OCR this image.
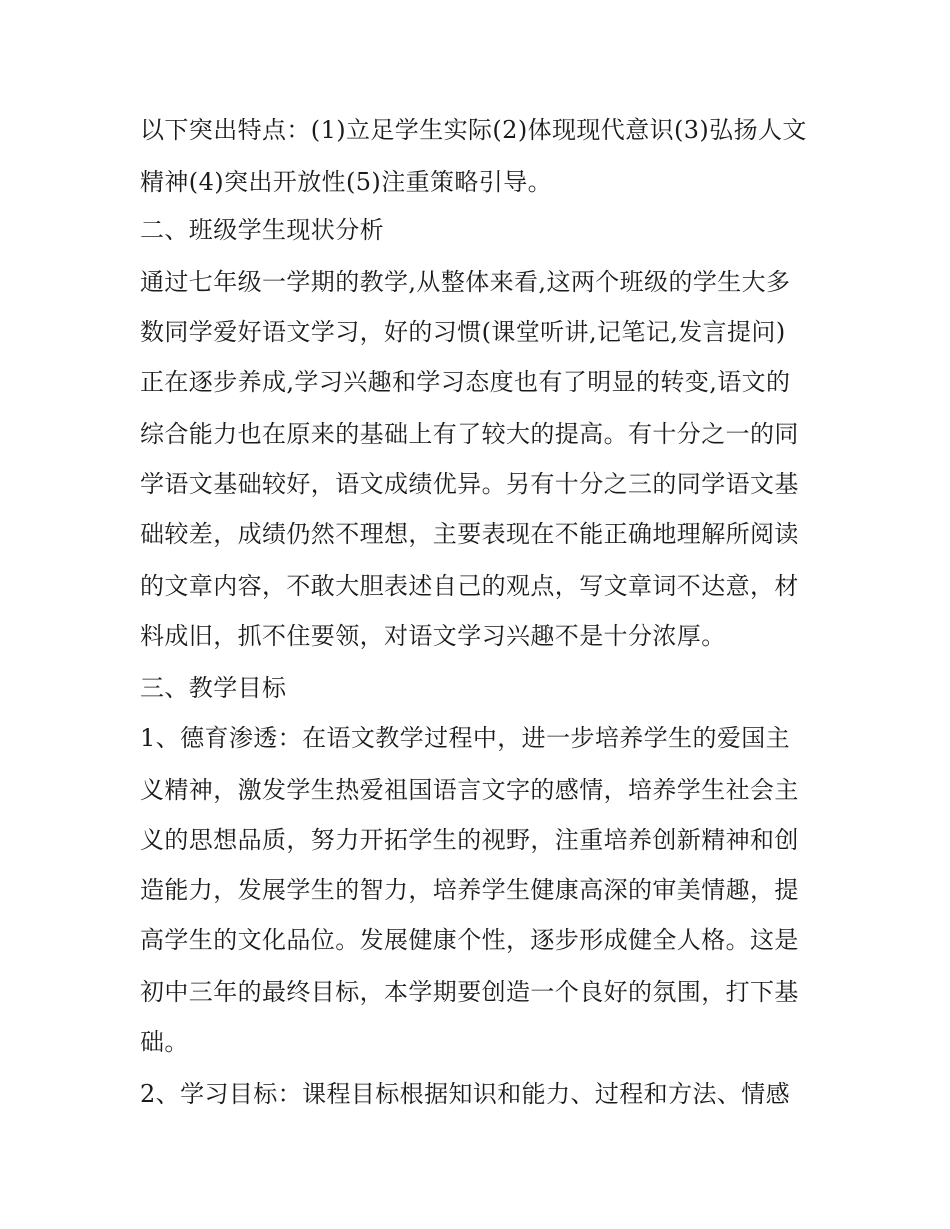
以下突出特点：(1)立足学生实际(2)体现现代意识(3)弘扬人文
精神(4)突出开放性(5)注重策略引导。
二、班级学生现状分析
通过七年级一学期的教学,从整体来看,这两个班级的学生大多
数同学爱好语文学习，好的习惯(课堂听讲,记笔记,发言提问)
正在逐步养成,学习兴趣和学习态度也有了明显的转变,语文的
综合能力也在原来的基础上有了较大的提高。有十分之一的同
学语文基础较好，语文成绩优异。另有十分之三的同学语文基
础较差，成绩仍然不理想，主要表现在不能正确地理解所阅读
的文章内容，不敢大胆表述自己的观点，写文章词不达意，材
料成旧，抓不住要领，对语文学习兴趣不是十分浓厚。
三、教学目标
1、德育渗透：在语文教学过程中，进一步培养学生的爱国主
义精神，激发学生热爱祖国语言文字的感情，培养学生社会主
义的思想品质，努力开拓学生的视野，注重培养创新精神和创
造能力，发展学生的智力，培养学生健康高深的审美情趣，提
高学生的文化品位。发展健康个性，逐步形成健全人格。这是
初中三年的最终目标，本学期要创造一个良好的氛围，打下基
础。
2、学习目标：课程目标根据知识和能力、过程和方法、情感
